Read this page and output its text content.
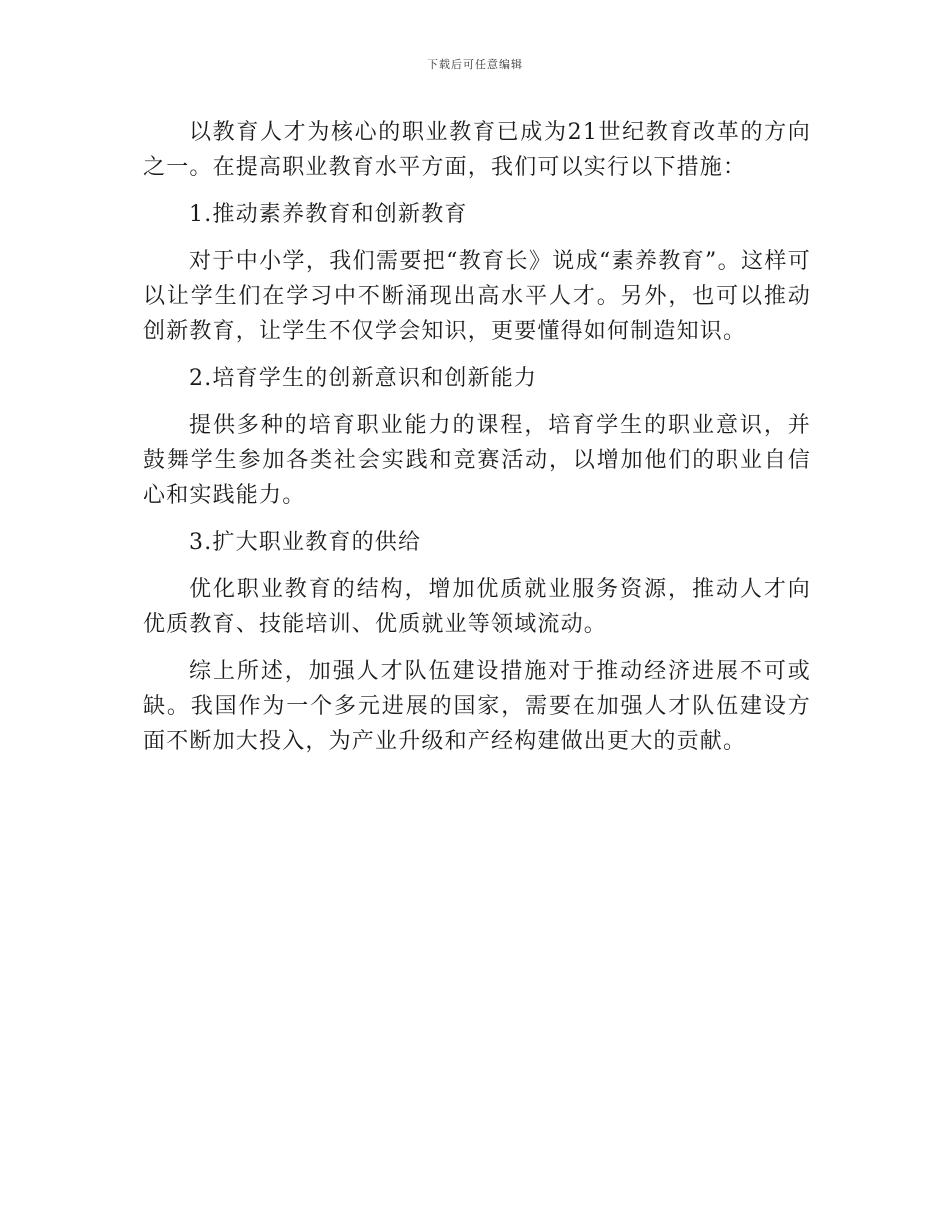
下载后可任意编辑

以教育人才为核心的职业教育已成为21世纪教育改革的方向之一。在提高职业教育水平方面，我们可以实行以下措施：

1.推动素养教育和创新教育

对于中小学，我们需要把“教育长》说成“素养教育”。这样可以让学生们在学习中不断涌现出高水平人才。另外，也可以推动创新教育，让学生不仅学会知识，更要懂得如何制造知识。

2.培育学生的创新意识和创新能力

提供多种的培育职业能力的课程，培育学生的职业意识，并鼓舞学生参加各类社会实践和竞赛活动，以增加他们的职业自信心和实践能力。

3.扩大职业教育的供给

优化职业教育的结构，增加优质就业服务资源，推动人才向优质教育、技能培训、优质就业等领域流动。

综上所述，加强人才队伍建设措施对于推动经济进展不可或缺。我国作为一个多元进展的国家，需要在加强人才队伍建设方面不断加大投入，为产业升级和产经构建做出更大的贡献。
